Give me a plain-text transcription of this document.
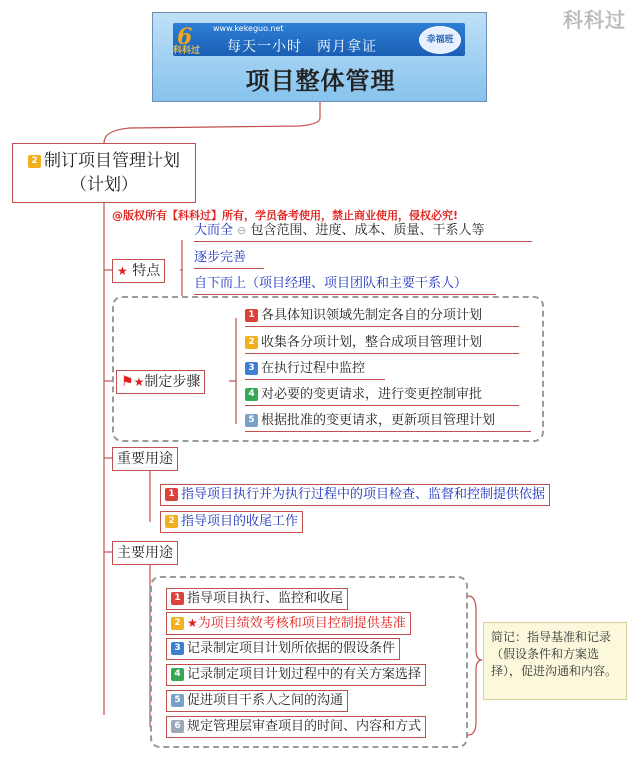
科科过
6
科科过
www.kekeguo.net
每天一小时　两月拿证	幸福班
项目整体管理
2 制订项目管理计划
（计划）
@版权所有【科科过】所有，学员备考使用，禁止商业使用，侵权必究!
★ 特点
大而全 ⊖ 包含范围、进度、成本、质量、干系人等
逐步完善
自下而上（项目经理、项目团队和主要干系人）
⚑★制定步骤
1 各具体知识领域先制定各自的分项计划
2 收集各分项计划，整合成项目管理计划
3 在执行过程中监控
4 对必要的变更请求，进行变更控制审批
5 根据批准的变更请求，更新项目管理计划
重要用途
1 指导项目执行并为执行过程中的项目检查、监督和控制提供依据
2 指导项目的收尾工作
主要用途
1 指导项目执行、监控和收尾
2 ★为项目绩效考核和项目控制提供基准
3 记录制定项目计划所依据的假设条件
4 记录制定项目计划过程中的有关方案选择
5 促进项目干系人之间的沟通
6 规定管理层审查项目的时间、内容和方式
简记：指导基准和记录（假设条件和方案选择），促进沟通和内容。
